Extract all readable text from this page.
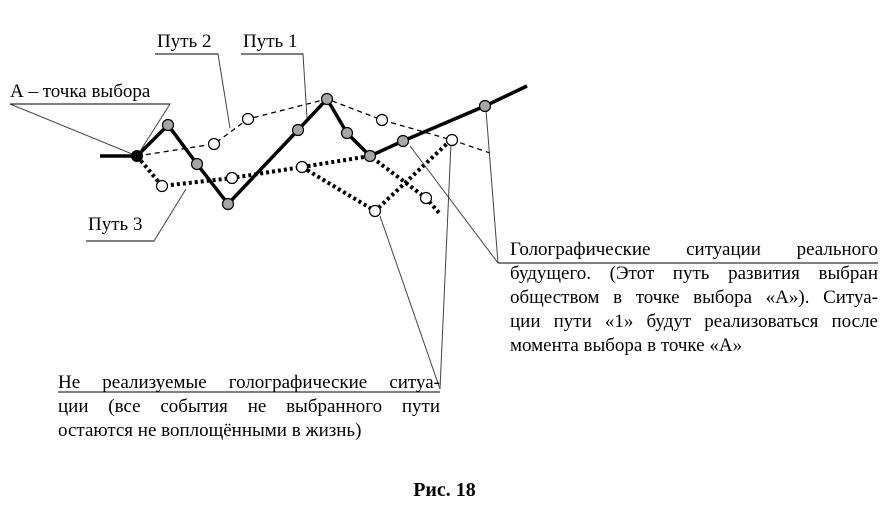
Путь 2 Путь 1
А – точка выбора
Путь 3
Голографические ситуации реального
будущего. (Этот путь развития выбран
обществом в точке выбора «А»). Ситуа-
ции пути «1» будут реализоваться после
момента выбора в точке «А»
Не реализуемые голографические ситуа-
ции (все события не выбранного пути
остаются не воплощёнными в жизнь)
Рис. 18
